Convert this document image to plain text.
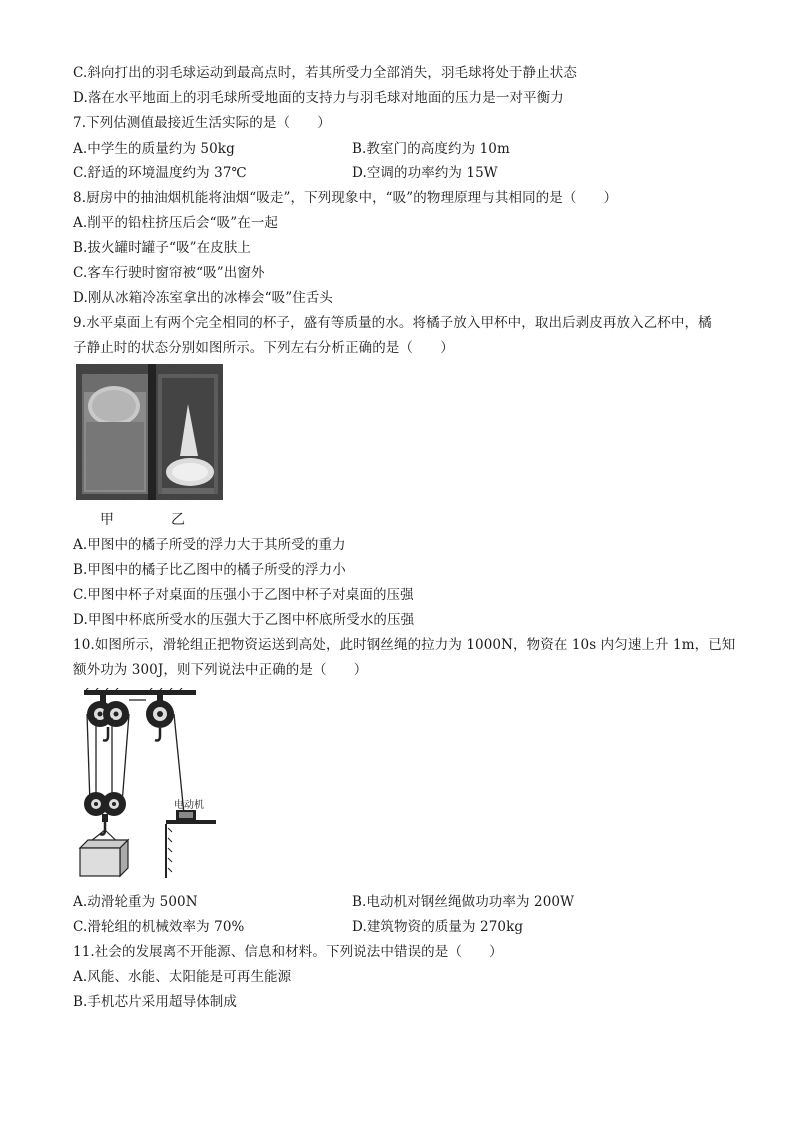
C.斜向打出的羽毛球运动到最高点时，若其所受力全部消失，羽毛球将处于静止状态
D.落在水平地面上的羽毛球所受地面的支持力与羽毛球对地面的压力是一对平衡力
7.下列估测值最接近生活实际的是（　　）
A.中学生的质量约为 50kg	B.教室门的高度约为 10m
C.舒适的环境温度约为 37℃	D.空调的功率约为 15W
8.厨房中的抽油烟机能将油烟“吸走”，下列现象中，“吸”的物理原理与其相同的是（　　）
A.削平的铅柱挤压后会“吸”在一起
B.拔火罐时罐子“吸”在皮肤上
C.客车行驶时窗帘被“吸”出窗外
D.刚从冰箱冷冻室拿出的冰棒会“吸”住舌头
9.水平桌面上有两个完全相同的杯子，盛有等质量的水。将橘子放入甲杯中，取出后剥皮再放入乙杯中，橘
子静止时的状态分别如图所示。下列左右分析正确的是（　　）
甲	乙
A.甲图中的橘子所受的浮力大于其所受的重力
B.甲图中的橘子比乙图中的橘子所受的浮力小
C.甲图中杯子对桌面的压强小于乙图中杯子对桌面的压强
D.甲图中杯底所受水的压强大于乙图中杯底所受水的压强
10.如图所示，滑轮组正把物资运送到高处，此时钢丝绳的拉力为 1000N，物资在 10s 内匀速上升 1m，已知
额外功为 300J，则下列说法中正确的是（　　）
电动机
A.动滑轮重为 500N	B.电动机对钢丝绳做功功率为 200W
C.滑轮组的机械效率为 70%	D.建筑物资的质量为 270kg
11.社会的发展离不开能源、信息和材料。下列说法中错误的是（　　）
A.风能、水能、太阳能是可再生能源
B.手机芯片采用超导体制成
